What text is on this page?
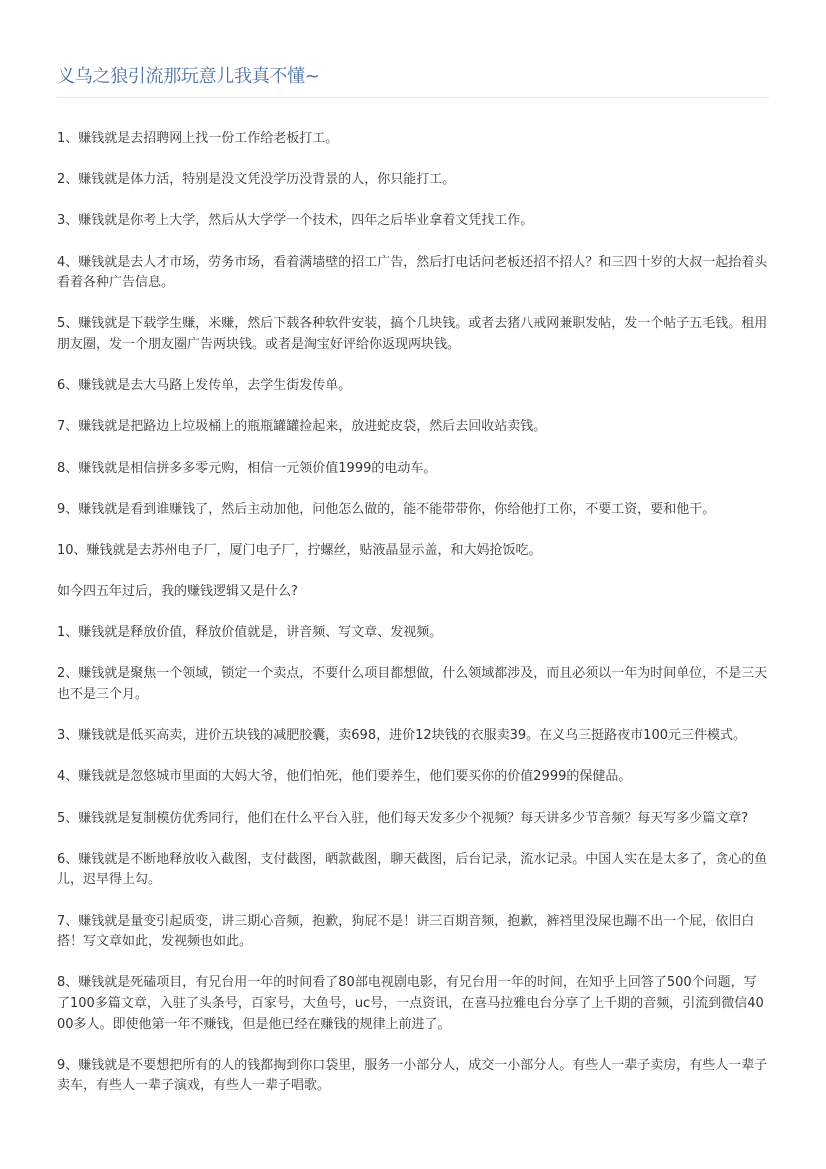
义乌之狼引流那玩意儿我真不懂~

1、赚钱就是去招聘网上找一份工作给老板打工。

2、赚钱就是体力活，特别是没文凭没学历没背景的人，你只能打工。

3、赚钱就是你考上大学，然后从大学学一个技术，四年之后毕业拿着文凭找工作。

4、赚钱就是去人才市场，劳务市场，看着满墙壁的招工广告，然后打电话问老板还招不招人？和三四十岁的大叔一起抬着头看着各种广告信息。

5、赚钱就是下载学生赚，米赚，然后下载各种软件安装，搞个几块钱。或者去猪八戒网兼职发帖，发一个帖子五毛钱。租用朋友圈，发一个朋友圈广告两块钱。或者是淘宝好评给你返现两块钱。

6、赚钱就是去大马路上发传单，去学生街发传单。

7、赚钱就是把路边上垃圾桶上的瓶瓶罐罐捡起来，放进蛇皮袋，然后去回收站卖钱。

8、赚钱就是相信拼多多零元购，相信一元领价值1999的电动车。

9、赚钱就是看到谁赚钱了，然后主动加他，问他怎么做的，能不能带带你，你给他打工你，不要工资，要和他干。

10、赚钱就是去苏州电子厂，厦门电子厂，拧螺丝，贴液晶显示盖，和大妈抢饭吃。

如今四五年过后，我的赚钱逻辑又是什么?

1、赚钱就是释放价值，释放价值就是，讲音频、写文章、发视频。

2、赚钱就是聚焦一个领域，锁定一个卖点，不要什么项目都想做，什么领域都涉及，而且必须以一年为时间单位，不是三天也不是三个月。

3、赚钱就是低买高卖，进价五块钱的减肥胶囊，卖698，进价12块钱的衣服卖39。在义乌三挺路夜市100元三件模式。

4、赚钱就是忽悠城市里面的大妈大爷，他们怕死，他们要养生，他们要买你的价值2999的保健品。

5、赚钱就是复制模仿优秀同行，他们在什么平台入驻，他们每天发多少个视频？每天讲多少节音频？每天写多少篇文章?

6、赚钱就是不断地释放收入截图，支付截图，晒款截图，聊天截图，后台记录，流水记录。中国人实在是太多了，贪心的鱼儿，迟早得上勾。

7、赚钱就是量变引起质变，讲三期心音频，抱歉，狗屁不是！讲三百期音频，抱歉，裤裆里没屎也蹦不出一个屁，依旧白搭！写文章如此，发视频也如此。

8、赚钱就是死磕项目，有兄台用一年的时间看了80部电视剧电影，有兄台用一年的时间，在知乎上回答了500个问题，写了100多篇文章，入驻了头条号，百家号，大鱼号，uc号，一点资讯，在喜马拉雅电台分享了上千期的音频，引流到微信4000多人。即使他第一年不赚钱，但是他已经在赚钱的规律上前进了。

9、赚钱就是不要想把所有的人的钱都掏到你口袋里，服务一小部分人，成交一小部分人。有些人一辈子卖房，有些人一辈子卖车，有些人一辈子演戏，有些人一辈子唱歌。
